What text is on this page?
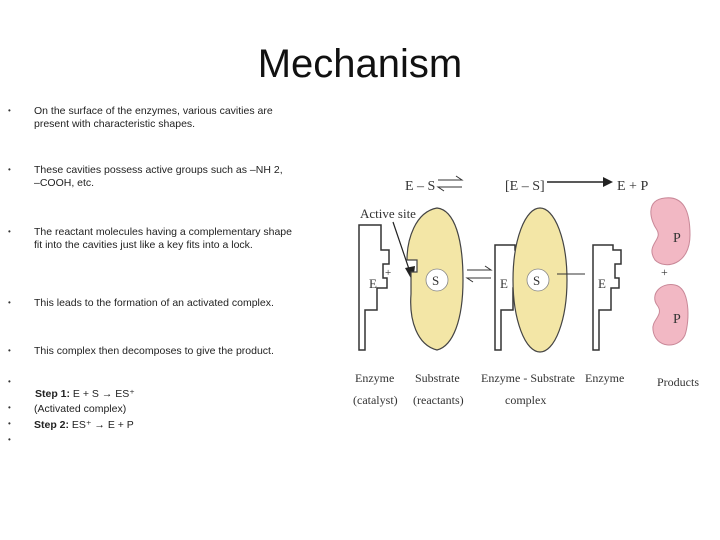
Mechanism
• On the surface of the enzymes, various cavities are
present with characteristic shapes.
• These cavities possess active groups such as –NH 2,
–COOH, etc.
• The reactant molecules having a complementary shape
fit into the cavities just like a key fits into a lock.
• This leads to the formation of an activated complex.
• This complex then decomposes to give the product.
•
•
•
•
Step 1: E + S → ES⁺
(Activated complex)
Step 2: ES⁺ → E + P
E – S	[E – S]	E + P
Active site
E
+	S	E S	E
P
+
P
Enzyme
(catalyst)
Substrate
(reactants)
Enzyme - Substrate
complex
Enzyme	Products
